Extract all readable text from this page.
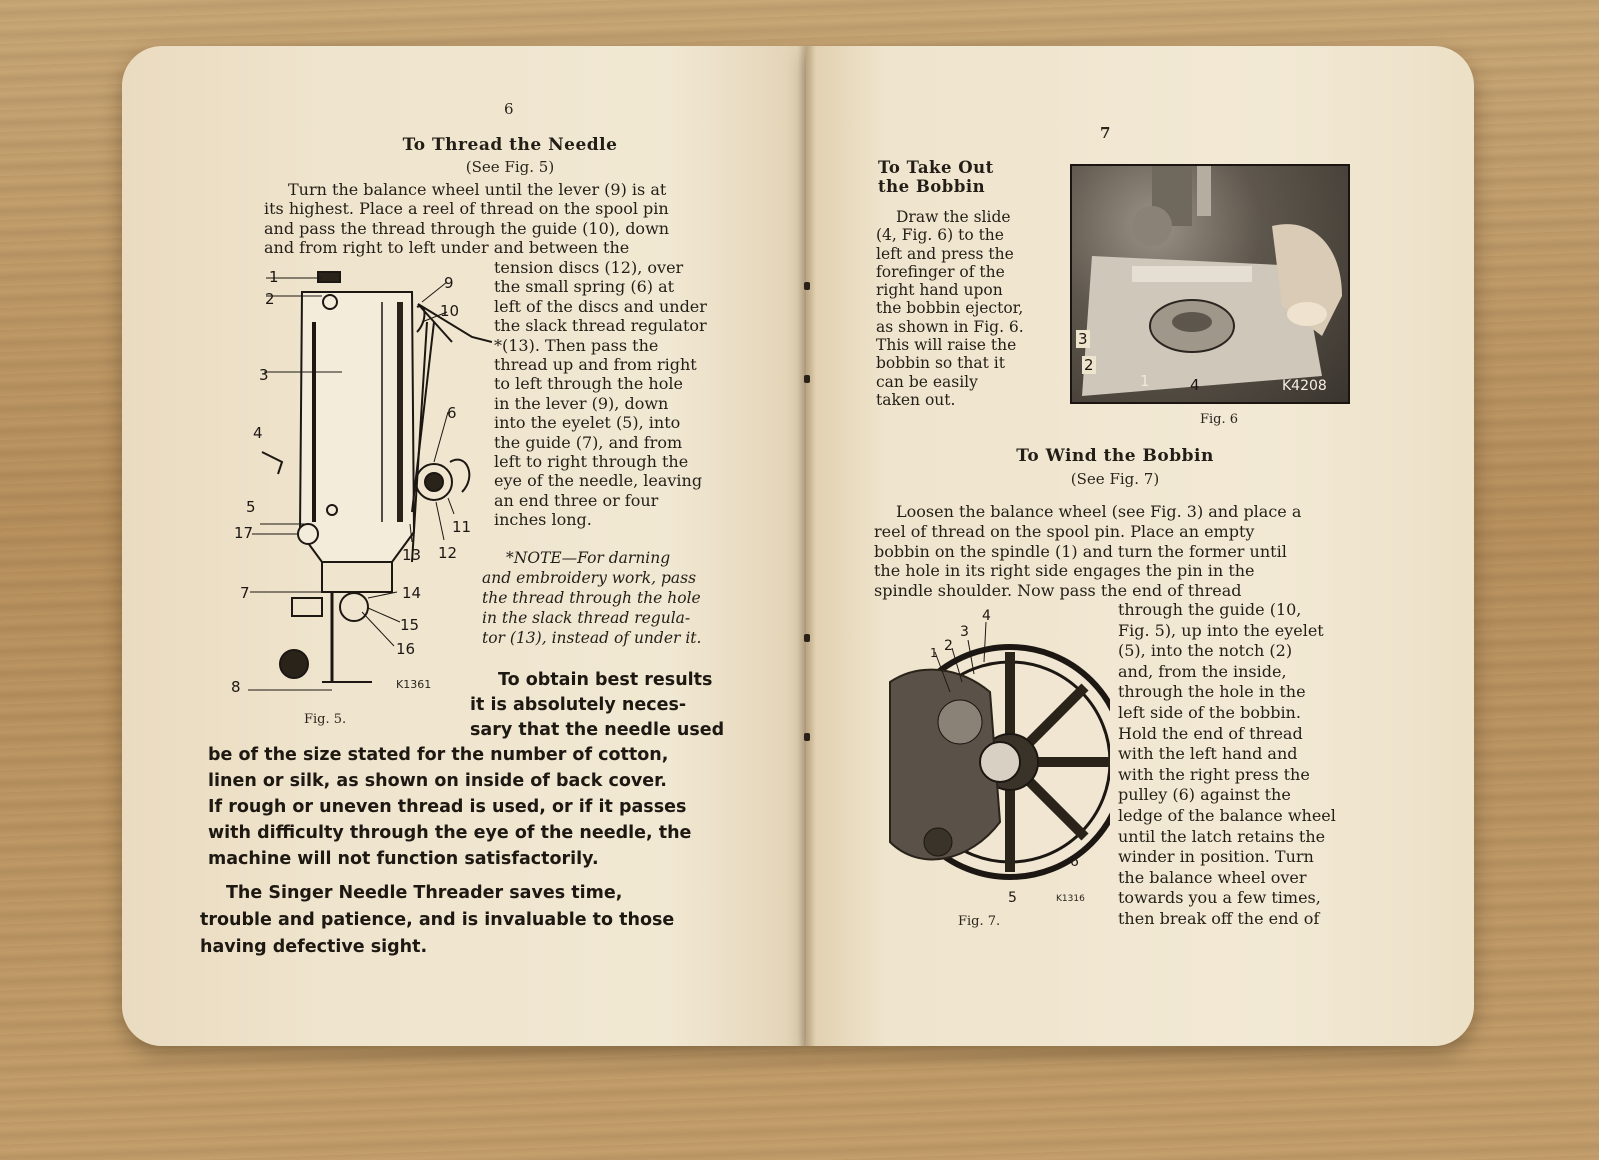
6
To Thread the Needle
(See Fig. 5)
Turn the balance wheel until the lever (9) is at
its highest. Place a reel of thread on the spool pin
and pass the thread through the guide (10), down
and from right to left under and between the
tension discs (12), over
the small spring (6) at
left of the discs and under
the slack thread regulator
*(13). Then pass the
thread up and from right
to left through the hole
in the lever (9), down
into the eyelet (5), into
the guide (7), and from
left to right through the
eye of the needle, leaving
an end three or four
inches long.
*NOTE—For darning
and embroidery work, pass
the thread through the hole
in the slack thread regula-
tor (13), instead of under it.
1
2
3
4
5
17
7
8
9
10
6
11
12
13
14
15
16
K1361
Fig. 5.
To obtain best results
it is absolutely neces-
sary that the needle used
be of the size stated for the number of cotton,
linen or silk, as shown on inside of back cover.
If rough or uneven thread is used, or if it passes
with difficulty through the eye of the needle, the
machine will not function satisfactorily.
The Singer Needle Threader saves time,
trouble and patience, and is invaluable to those
having defective sight.
7
To Take Out
the Bobbin
Draw the slide
(4, Fig. 6) to the
left and press the
forefinger of the
right hand upon
the bobbin ejector,
as shown in Fig. 6.
This will raise the
bobbin so that it
can be easily
taken out.
3
2
1	4	K4208
Fig. 6
To Wind the Bobbin
(See Fig. 7)
Loosen the balance wheel (see Fig. 3) and place a
reel of thread on the spool pin. Place an empty
bobbin on the spindle (1) and turn the former until
the hole in its right side engages the pin in the
spindle shoulder. Now pass the end of thread
through the guide (10,
Fig. 5), up into the eyelet
(5), into the notch (2)
and, from the inside,
through the hole in the
left side of the bobbin.
Hold the end of thread
with the left hand and
with the right press the
pulley (6) against the
ledge of the balance wheel
until the latch retains the
winder in position. Turn
the balance wheel over
towards you a few times,
then break off the end of
1 2
3
4
6
5	K1316
Fig. 7.
